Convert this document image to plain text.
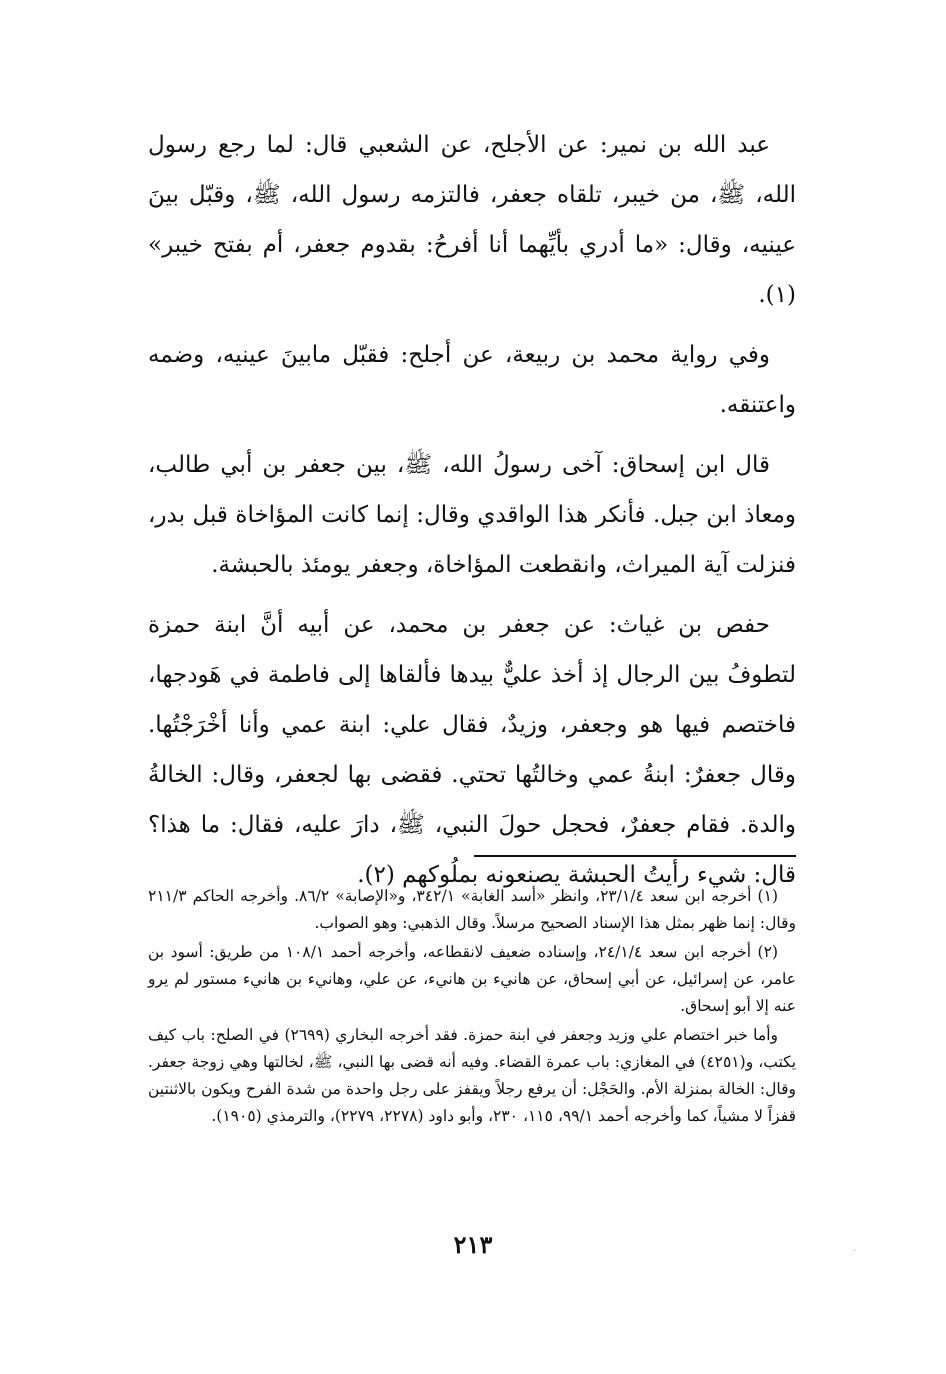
عبد الله بن نمير: عن الأجلح، عن الشعبي قال: لما رجع رسول الله، ﷺ، من خيبر، تلقاه جعفر، فالتزمه رسول الله، ﷺ، وقبّل بينَ عينيه، وقال: «ما أدري بأيِّهما أنا أفرحُ: بقدوم جعفر، أم بفتح خيبر» (١).

وفي رواية محمد بن ربيعة، عن أجلح: فقبّل مابينَ عينيه، وضمه واعتنقه.

قال ابن إسحاق: آخى رسولُ الله، ﷺ، بين جعفر بن أبي طالب، ومعاذ ابن جبل. فأنكر هذا الواقدي وقال: إنما كانت المؤاخاة قبل بدر، فنزلت آية الميراث، وانقطعت المؤاخاة، وجعفر يومئذ بالحبشة.

حفص بن غياث: عن جعفر بن محمد، عن أبيه أنَّ ابنة حمزة لتطوفُ بين الرجال إذ أخذ عليٌّ بيدها فألقاها إلى فاطمة في هَودجها، فاختصم فيها هو وجعفر، وزيدٌ، فقال علي: ابنة عمي وأنا أخْرَجْتُها. وقال جعفرٌ: ابنةُ عمي وخالتُها تحتي. فقضى بها لجعفر، وقال: الخالةُ والدة. فقام جعفرٌ، فحجل حولَ النبي، ﷺ، دارَ عليه، فقال: ما هذا؟ قال: شيء رأيتُ الحبشة يصنعونه بملُوكهم (٢).

(١) أخرجه ابن سعد ٢٣/١/٤، وانظر «أسد الغابة» ٣٤٢/١، و«الإصابة» ٨٦/٢. وأخرجه الحاكم ٢١١/٣ وقال: إنما ظهر بمثل هذا الإسناد الصحيح مرسلاً. وقال الذهبي: وهو الصواب.

(٢) أخرجه ابن سعد ٢٤/١/٤، وإسناده ضعيف لانقطاعه، وأخرجه أحمد ١٠٨/١ من طريق: أسود بن عامر، عن إسرائيل، عن أبي إسحاق، عن هانيء بن هانيء، عن علي، وهانيء بن هانيء مستور لم يرو عنه إلا أبو إسحاق.

وأما خبر اختصام علي وزيد وجعفر في ابنة حمزة. فقد أخرجه البخاري (٢٦٩٩) في الصلح: باب كيف يكتب، و(٤٢٥١) في المغازي: باب عمرة القضاء. وفيه أنه قضى بها النبي، ﷺ، لخالتها وهي زوجة جعفر. وقال: الخالة بمنزلة الأم. والحَجْل: أن يرفع رجلاً ويقفز على رجل واحدة من شدة الفرح ويكون بالاثنتين قفزاً لا مشياً، كما وأخرجه أحمد ٩٩/١، ١١٥، ٢٣٠، وأبو داود (٢٢٧٨، ٢٢٧٩)، والترمذي (١٩٠٥).

٢١٣	·
